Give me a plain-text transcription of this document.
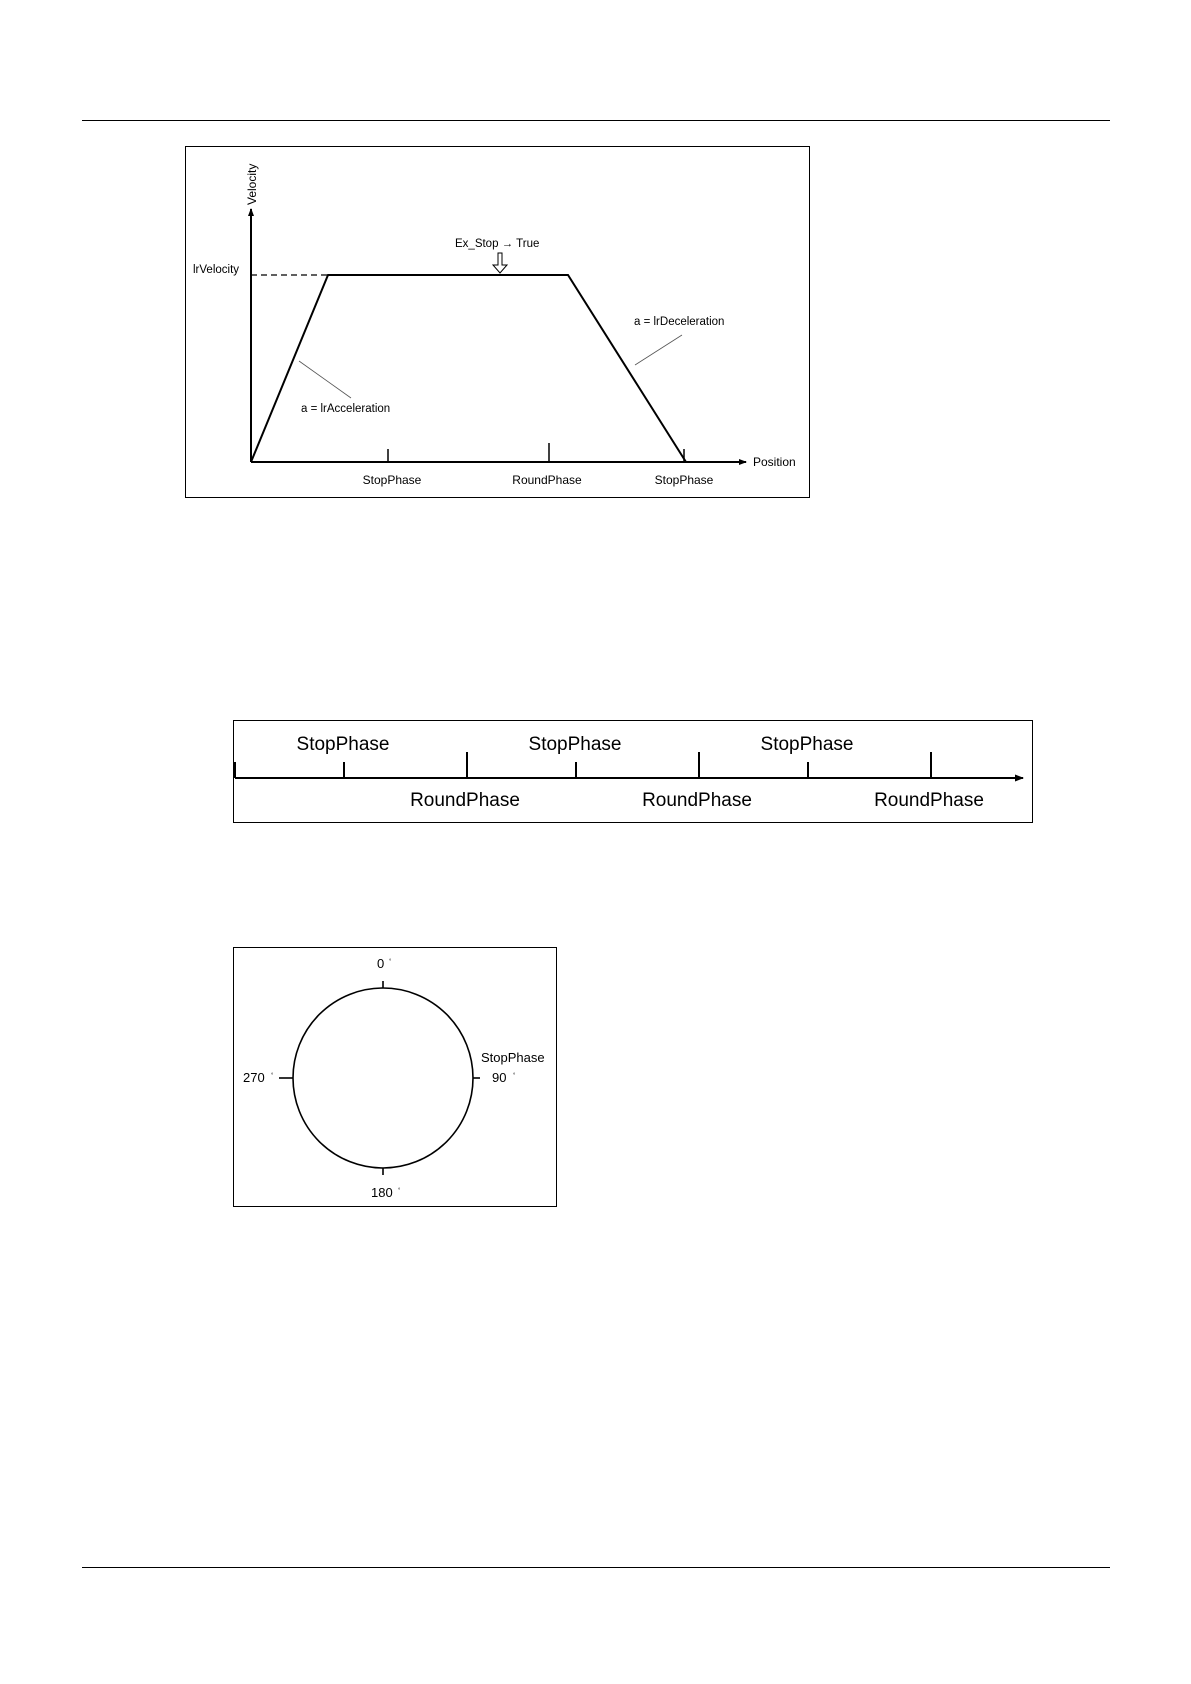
Velocity
Position
lrVelocity
Ex_Stop → True
a = lrAcceleration
a = lrDeceleration
StopPhase	RoundPhase	StopPhase
StopPhase	StopPhase	StopPhase
RoundPhase	RoundPhase	RoundPhase
0 °
StopPhase
90 °
180 °
270 °
